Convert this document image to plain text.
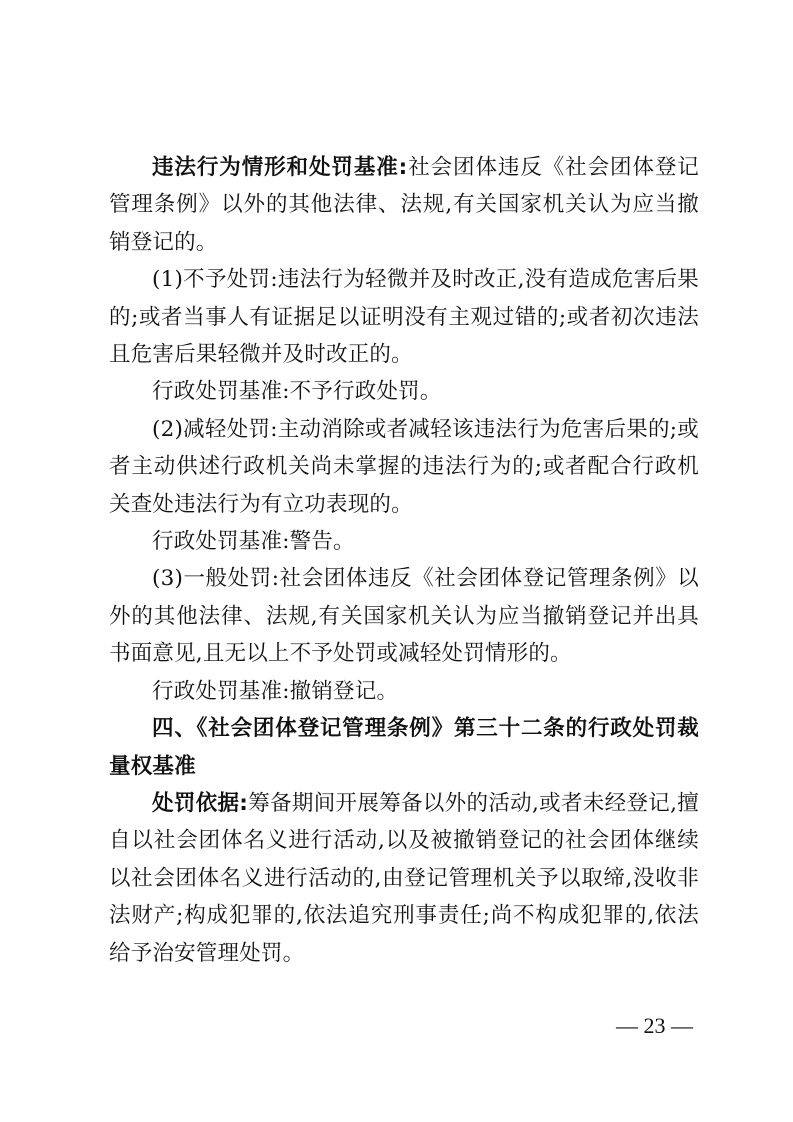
违法行为情形和处罚基准:社会团体违反《社会团体登记管理条例》以外的其他法律、法规,有关国家机关认为应当撤销登记的。

(1)不予处罚:违法行为轻微并及时改正,没有造成危害后果的;或者当事人有证据足以证明没有主观过错的;或者初次违法且危害后果轻微并及时改正的。

行政处罚基准:不予行政处罚。

(2)减轻处罚:主动消除或者减轻该违法行为危害后果的;或者主动供述行政机关尚未掌握的违法行为的;或者配合行政机关查处违法行为有立功表现的。

行政处罚基准:警告。

(3)一般处罚:社会团体违反《社会团体登记管理条例》以外的其他法律、法规,有关国家机关认为应当撤销登记并出具书面意见,且无以上不予处罚或减轻处罚情形的。

行政处罚基准:撤销登记。

四、《社会团体登记管理条例》第三十二条的行政处罚裁量权基准

处罚依据:筹备期间开展筹备以外的活动,或者未经登记,擅自以社会团体名义进行活动,以及被撤销登记的社会团体继续以社会团体名义进行活动的,由登记管理机关予以取缔,没收非法财产;构成犯罪的,依法追究刑事责任;尚不构成犯罪的,依法给予治安管理处罚。

— 23 —
